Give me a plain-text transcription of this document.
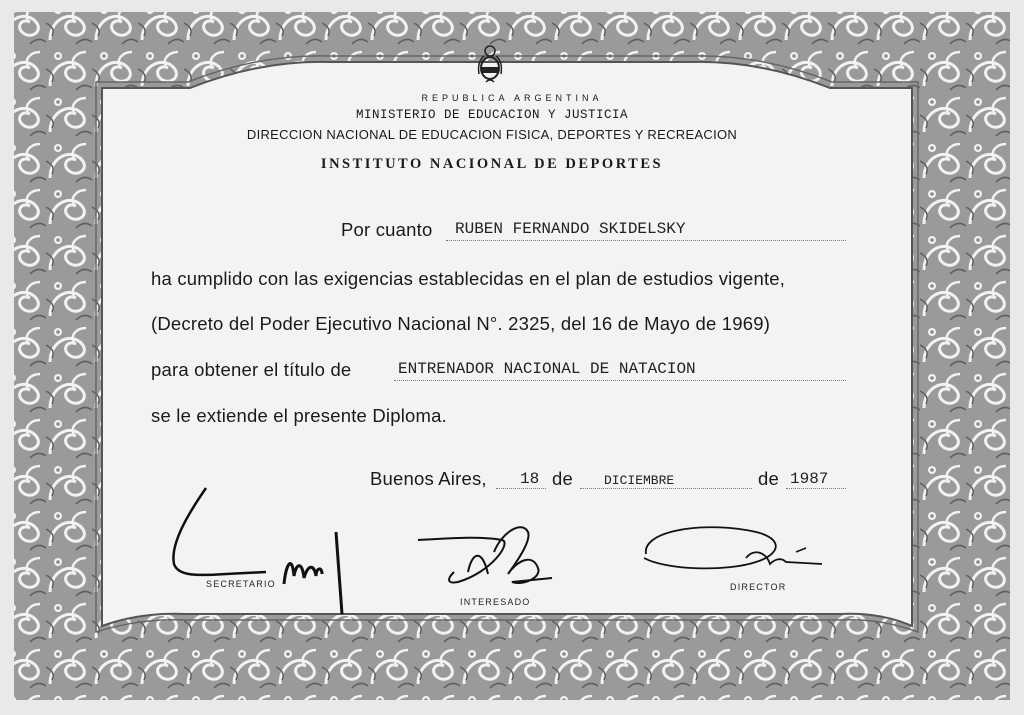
REPUBLICA ARGENTINA
MINISTERIO DE EDUCACION Y JUSTICIA
DIRECCION NACIONAL DE EDUCACION FISICA, DEPORTES Y RECREACION
INSTITUTO NACIONAL DE DEPORTES
Por cuanto RUBEN FERNANDO SKIDELSKY
ha cumplido con las exigencias establecidas en el plan de estudios vigente,
(Decreto del Poder Ejecutivo Nacional N°. 2325, del 16 de Mayo de 1969)
para obtener el título de	ENTRENADOR NACIONAL DE NATACION
se le extiende el presente Diploma.
Buenos Aires, 18 de DICIEMBRE	de 1987
SECRETARIO
INTERESADO
DIRECTOR
